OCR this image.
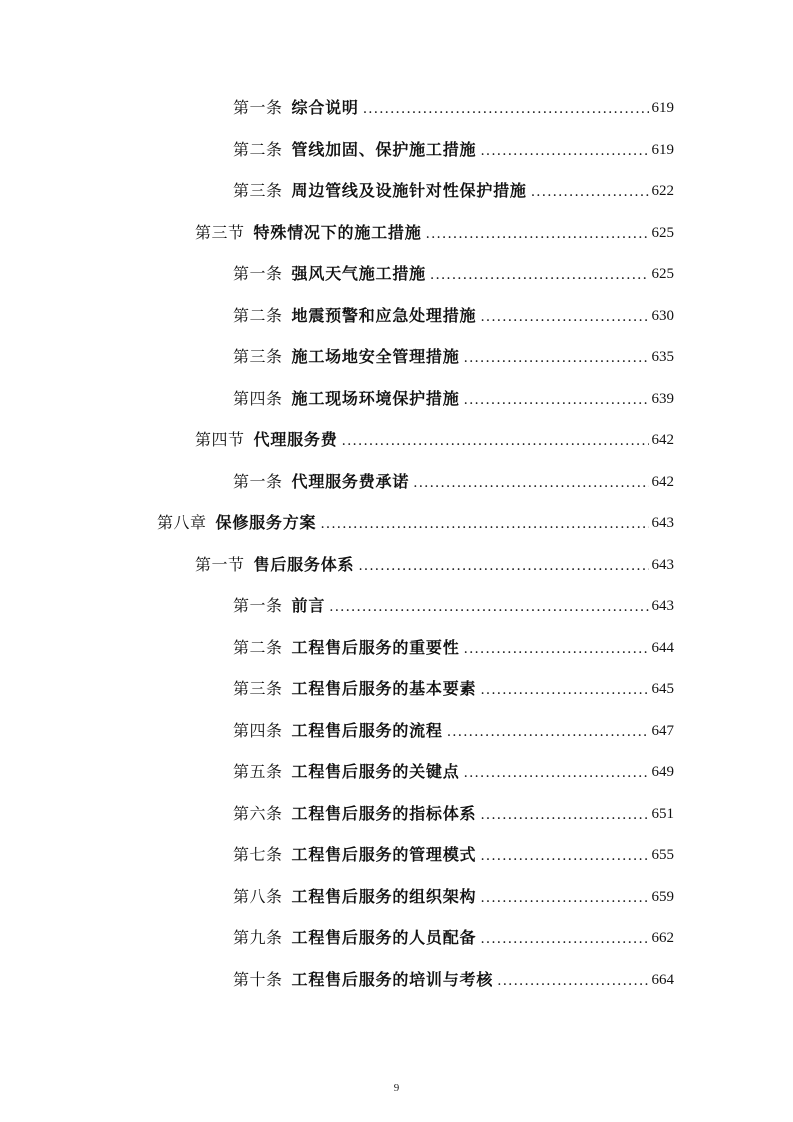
第一条 综合说明 .....	619
第二条 管线加固、保护施工措施 .....	619
第三条 周边管线及设施针对性保护措施 .....	622
第三节 特殊情况下的施工措施 .....	625
第一条 强风天气施工措施 .....	625
第二条 地震预警和应急处理措施 .....	630
第三条 施工场地安全管理措施 .....	635
第四条 施工现场环境保护措施 .....	639
第四节 代理服务费 .....	642
第一条 代理服务费承诺 .....	642
第八章 保修服务方案 .....	643
第一节 售后服务体系 .....	643
第一条 前言 .....	643
第二条 工程售后服务的重要性 .....	644
第三条 工程售后服务的基本要素 .....	645
第四条 工程售后服务的流程 .....	647
第五条 工程售后服务的关键点 .....	649
第六条 工程售后服务的指标体系 .....	651
第七条 工程售后服务的管理模式 .....	655
第八条 工程售后服务的组织架构 .....	659
第九条 工程售后服务的人员配备 .....	662
第十条 工程售后服务的培训与考核 .....	664
9
